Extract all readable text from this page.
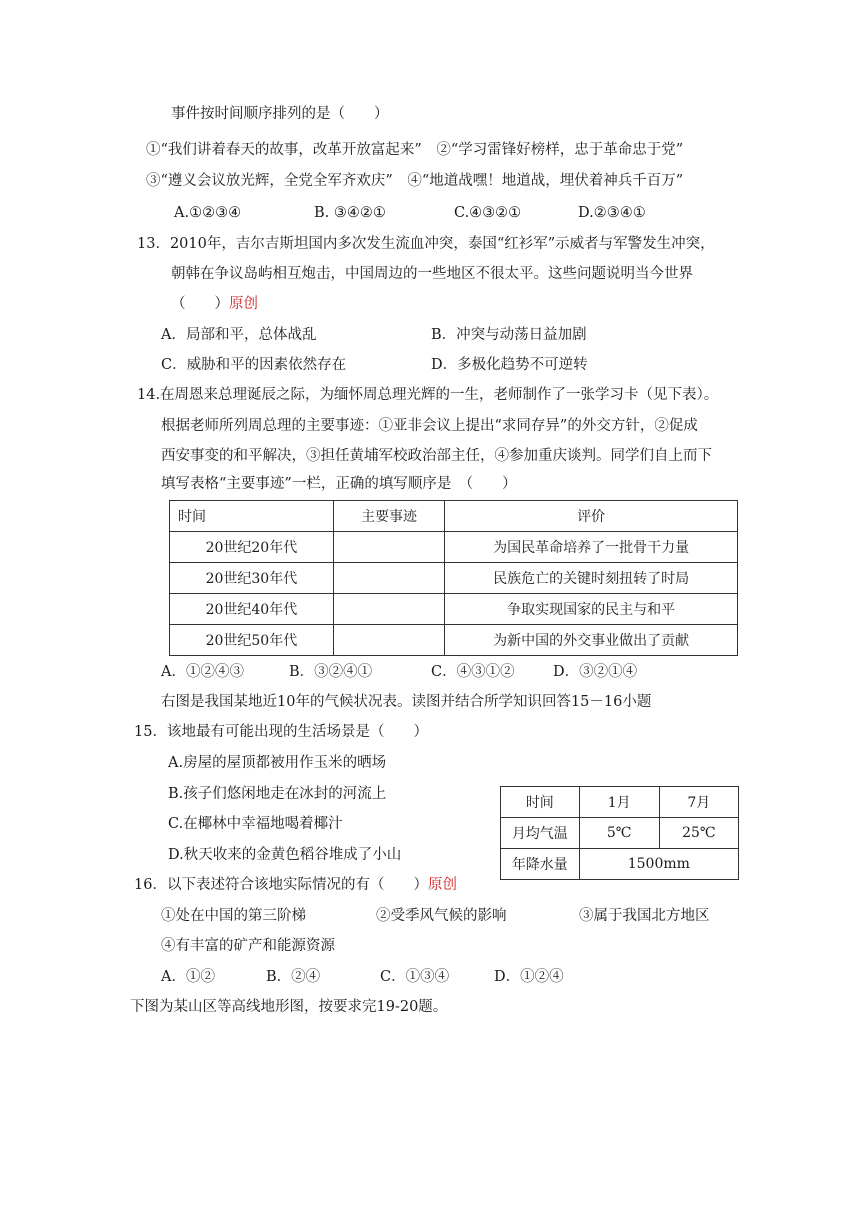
事件按时间顺序排列的是（　　）
①“我们讲着春天的故事，改革开放富起来”　②“学习雷锋好榜样，忠于革命忠于党”
③“遵义会议放光辉，全党全军齐欢庆”　④“地道战嘿！地道战，埋伏着神兵千百万”
A.①②③④	B. ③④②①	C.④③②①	D.②③④①
13．2010年，吉尔吉斯坦国内多次发生流血冲突，泰国“红衫军”示威者与军警发生冲突，
朝韩在争议岛屿相互炮击，中国周边的一些地区不很太平。这些问题说明当今世界
（　　）原创
A．局部和平，总体战乱	B．冲突与动荡日益加剧
C．威胁和平的因素依然存在	D．多极化趋势不可逆转
14.在周恩来总理诞辰之际，为缅怀周总理光辉的一生，老师制作了一张学习卡（见下表）。
根据老师所列周总理的主要事迹：①亚非会议上提出“求同存异”的外交方针，②促成
西安事变的和平解决，③担任黄埔军校政治部主任，④参加重庆谈判。同学们自上而下
填写表格“主要事迹”一栏，正确的填写顺序是　（　　）
时间	主要事迹	评价
20世纪20年代		为国民革命培养了一批骨干力量
20世纪30年代		民族危亡的关键时刻扭转了时局
20世纪40年代		争取实现国家的民主与和平
20世纪50年代		为新中国的外交事业做出了贡献
A．①②④③	B．③②④①	C．④③①②	D．③②①④
右图是我国某地近10年的气候状况表。读图并结合所学知识回答15－16小题
15．该地最有可能出现的生活场景是（　　）
A.房屋的屋顶都被用作玉米的晒场
B.孩子们悠闲地走在冰封的河流上
C.在椰林中幸福地喝着椰汁
D.秋天收来的金黄色稻谷堆成了小山
时间	1月	7月
月均气温	5℃	25℃
年降水量	1500mm	
16．以下表述符合该地实际情况的有（　　）原创
①处在中国的第三阶梯	②受季风气候的影响	③属于我国北方地区
④有丰富的矿产和能源资源
A．①②	B．②④	C．①③④	D．①②④
下图为某山区等高线地形图，按要求完19-20题。
